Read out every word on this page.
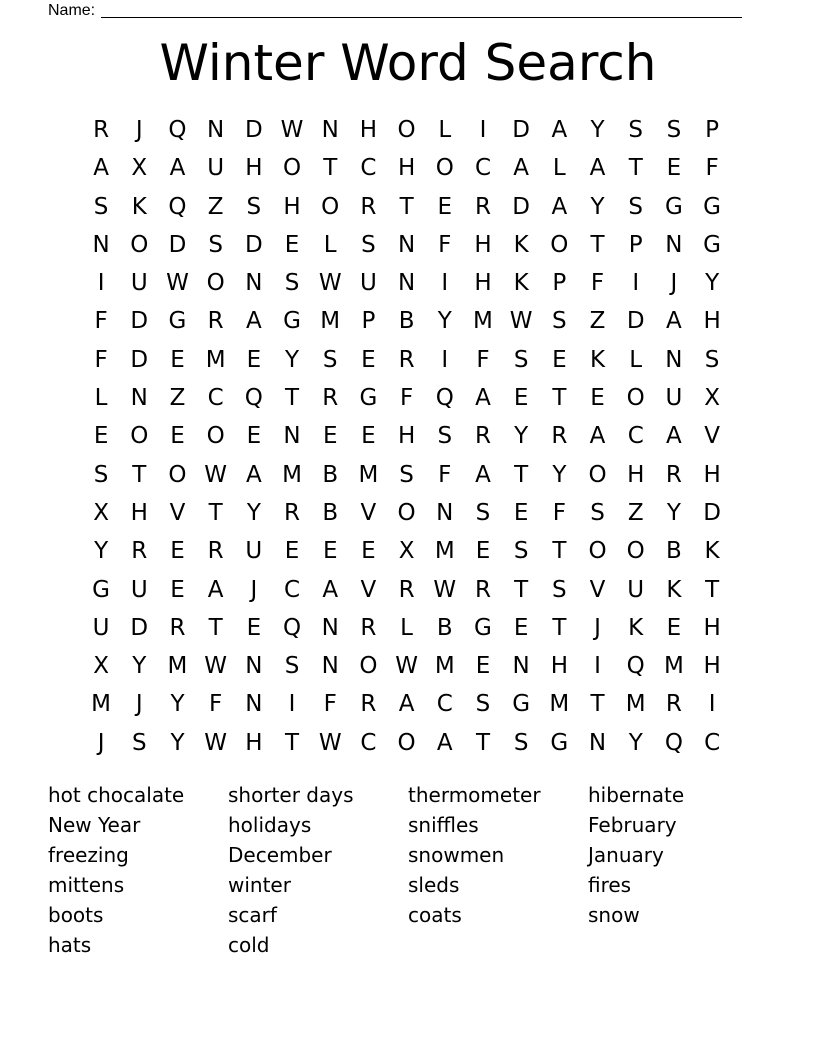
Name:
Winter Word Search
R	J	Q N D W N H O L	I	D A	Y	S	S	P
A X A U H O T	C H O C A	L	A	T	E	F
S	K Q Z	S H O R	T	E R D A	Y	S G G
N O D S D E	L	S N F H K O T	P N G
I	U W O N S W U N	I	H K	P	F	I	J	Y
F D G R A G M P	B	Y M W S	Z D A H
F D E M E	Y	S	E R	I	F	S	E	K	L	N S
L	N Z C Q T	R G F Q A	E	T	E O U X
E O E O E N E	E H S R	Y	R A C A V
S	T O W A M B M S	F	A	T	Y O H R H
X H V	T	Y	R B V O N S	E	F	S	Z	Y D
Y	R E R U E	E	E	X M E	S	T O O B K
G U E	A	J	C A V R W R	T	S	V U K	T
U D R	T	E Q N R	L	B G E	T	J	K	E H
X	Y M W N S N O W M E N H	I	Q M H
M	J	Y	F N	I	F	R A C S G M T M R	I
J	S	Y W H T W C O A	T	S G N Y Q C
hot chocalate
New Year
freezing
mittens
boots
hats
shorter days
holidays
December
winter
scarf
cold
thermometer
sniffles
snowmen
sleds
coats
hibernate
February
January
fires
snow
